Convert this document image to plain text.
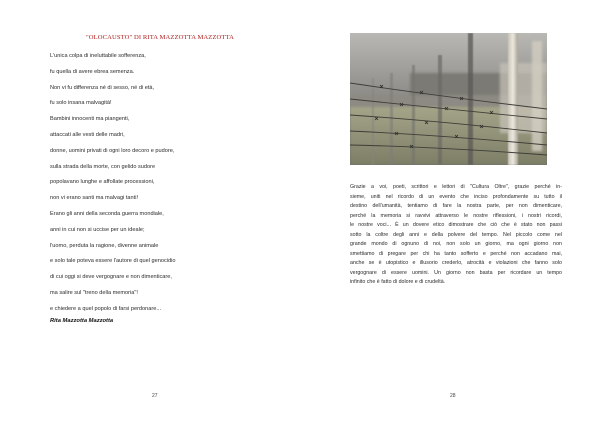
"OLOCAUSTO" DI RITA MAZZOTTA MAZZOTTA
L'unica colpa di ineluttabile sofferenza,
fu quella di avere ebrea semenza.
Non vi fu differenza né di sesso, né di età,
fu solo insana malvagità!
Bambini innocenti ma piangenti,
attaccati alle vesti delle madri,
donne, uomini privati di ogni loro decoro e pudore,
sulla strada della morte, con gelido sudore
popolavano lunghe e affollate processioni,
non vi erano santi ma malvagi tanti!
Erano gli anni della seconda guerra mondiale,
anni in cui non si uccise per un ideale;
l'uomo, perduta la ragione, divenne animale
e solo tale poteva essere l'autore di quel genocidio
di cui oggi si deve vergognare e non dimenticare,
ma salire sul "treno della memoria"!
e chiedere a quel popolo di farsi perdonare...
Rita Mazzotta Mazzotta
27
Grazie a voi, poeti, scrittori e lettori di "Cultura Oltre", grazie perché in-
sieme, uniti nel ricordo di un evento che inciso profondamente su tutto il
destino dell'umanità, tentiamo di fare la nostra parte, per non dimenticare,
perché la memoria si ravvivi attraverso le nostre riflessioni, i nostri ricordi,
le nostre voci... È un dovere etico dimostrare che ciò che è stato non passi
sotto la coltre degli anni e della polvere del tempo. Nel piccolo come nel
grande mondo di ognuno di noi, non solo un giorno, ma ogni giorno non
smettiamo di pregare per chi ha tanto sofferto e perché non accadano mai,
anche se è utopistico e illusorio crederlo, atrocità e violazioni che fanno solo
vergognare di essere uomini. Un giorno non basta per ricordare un tempo
infinito che è fatto di dolore e di crudeltà.
28
